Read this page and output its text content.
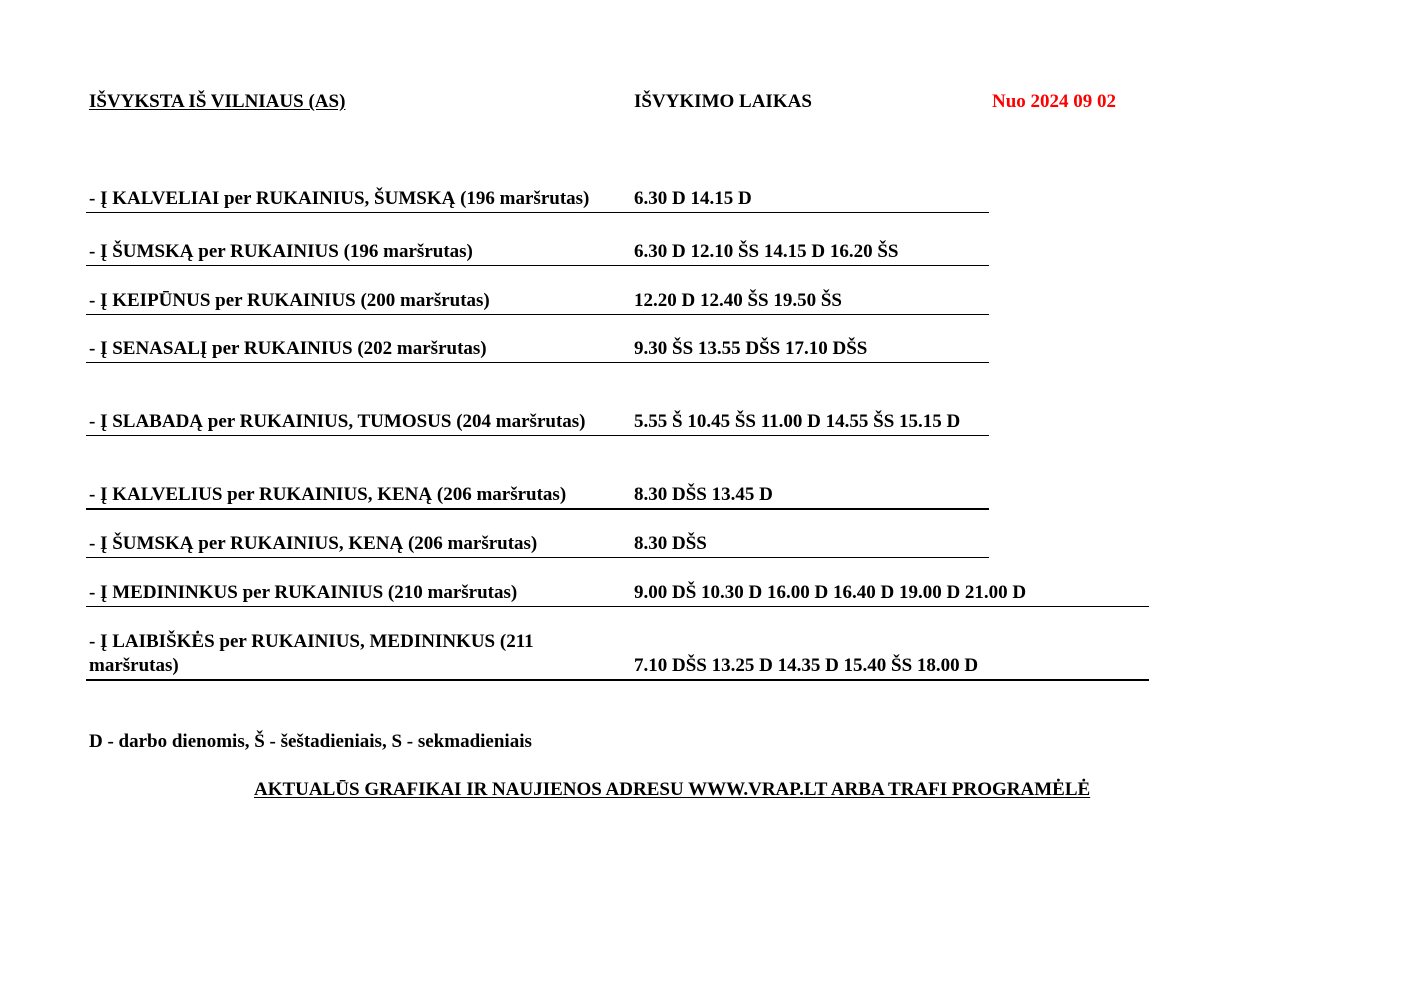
IŠVYKSTA IŠ VILNIAUS (AS)	IŠVYKIMO LAIKAS	Nuo 2024 09 02
- Į KALVELIAI per RUKAINIUS, ŠUMSKĄ (196 maršrutas) 6.30 D 14.15 D
- Į ŠUMSKĄ per RUKAINIUS (196 maršrutas)	6.30 D 12.10 ŠS 14.15 D 16.20 ŠS
- Į KEIPŪNUS per RUKAINIUS (200 maršrutas)	12.20 D 12.40 ŠS 19.50 ŠS
- Į SENASALĮ per RUKAINIUS (202 maršrutas)	9.30 ŠS 13.55 DŠS 17.10 DŠS
- Į SLABADĄ per RUKAINIUS, TUMOSUS (204 maršrutas)	5.55 Š 10.45 ŠS 11.00 D 14.55 ŠS 15.15 D
- Į KALVELIUS per RUKAINIUS, KENĄ (206 maršrutas)	8.30 DŠS 13.45 D
- Į ŠUMSKĄ per RUKAINIUS, KENĄ (206 maršrutas)	8.30 DŠS
- Į MEDININKUS per RUKAINIUS (210 maršrutas)	9.00 DŠ 10.30 D 16.00 D 16.40 D 19.00 D 21.00 D
- Į LAIBIŠKĖS per RUKAINIUS, MEDININKUS (211
maršrutas)	7.10 DŠS 13.25 D 14.35 D 15.40 ŠS 18.00 D
D - darbo dienomis, Š - šeštadieniais, S - sekmadieniais
AKTUALŪS GRAFIKAI IR NAUJIENOS ADRESU WWW.VRAP.LT ARBA TRAFI PROGRAMĖLĖ
